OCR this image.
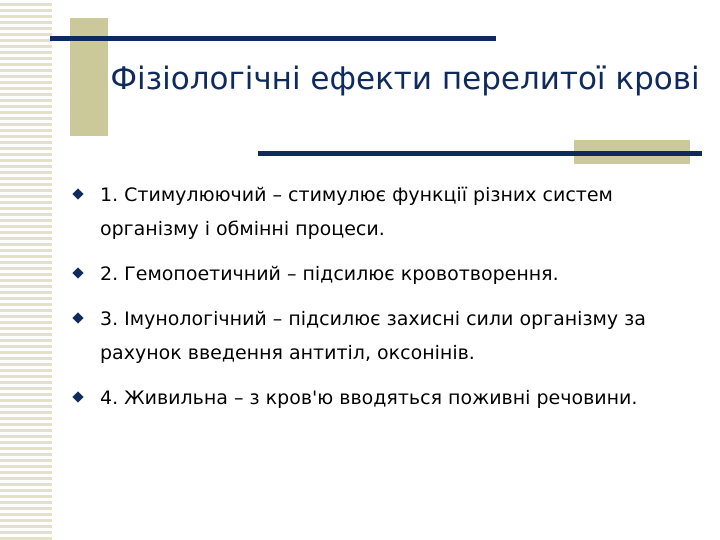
Фізіологічні ефекти перелитої крові
1. Стимулюючий – стимулює функції різних систем організму і обмінні процеси.
2. Гемопоетичний – підсилює кровотворення.
3. Імунологічний – підсилює захисні сили організму за рахунок введення антитіл, оксонінів.
4. Живильна – з кров'ю вводяться поживні речовини.
